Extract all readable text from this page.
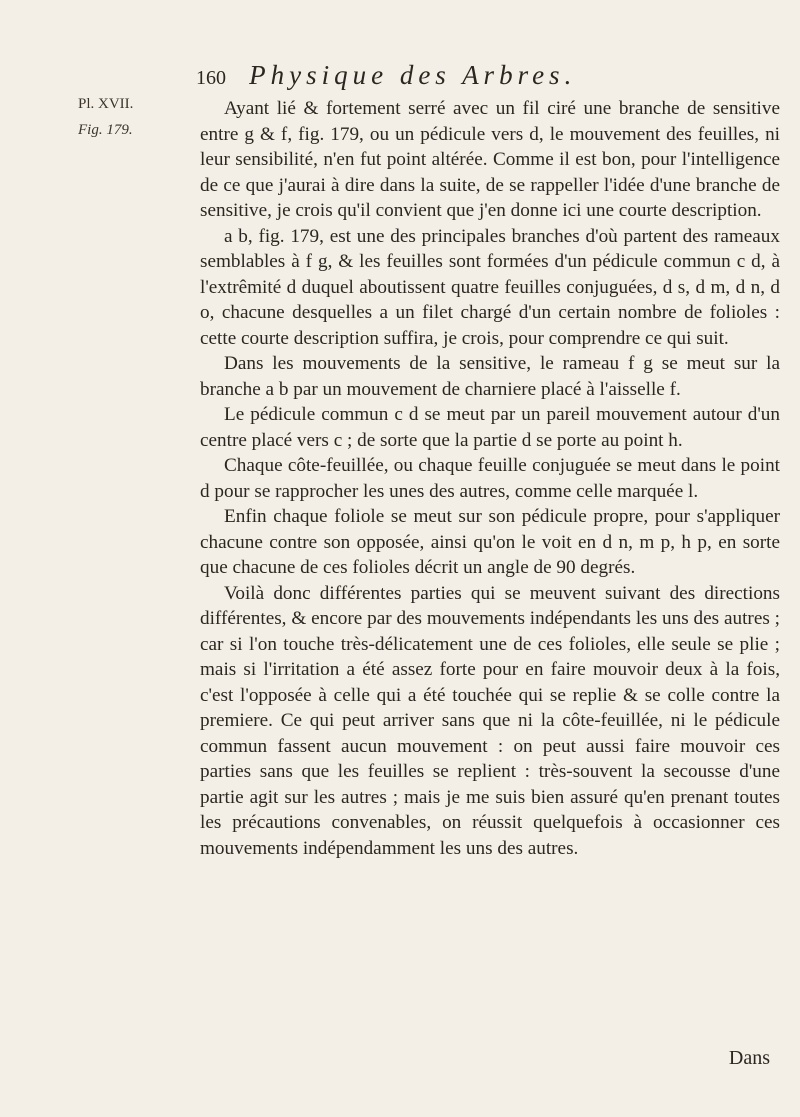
160 Physique des Arbres.
Pl. XVII.
Fig. 179.

Ayant lié & fortement serré avec un fil ciré une branche de sensitive entre g & f, fig. 179, ou un pédicule vers d, le mouvement des feuilles, ni leur sensibilité, n'en fut point altérée. Comme il est bon, pour l'intelligence de ce que j'aurai à dire dans la suite, de se rappeller l'idée d'une branche de sensitive, je crois qu'il convient que j'en donne ici une courte description.

a b, fig. 179, est une des principales branches d'où partent des rameaux semblables à f g, & les feuilles sont formées d'un pédicule commun c d, à l'extrêmité d duquel aboutissent quatre feuilles conjuguées, d s, d m, d n, d o, chacune desquelles a un filet chargé d'un certain nombre de folioles : cette courte description suffira, je crois, pour comprendre ce qui suit.

Dans les mouvements de la sensitive, le rameau f g se meut sur la branche a b par un mouvement de charniere placé à l'aisselle f.

Le pédicule commun c d se meut par un pareil mouvement autour d'un centre placé vers c ; de sorte que la partie d se porte au point h.

Chaque côte-feuillée, ou chaque feuille conjuguée se meut dans le point d pour se rapprocher les unes des autres, comme celle marquée l.

Enfin chaque foliole se meut sur son pédicule propre, pour s'appliquer chacune contre son opposée, ainsi qu'on le voit en d n, m p, h p, en sorte que chacune de ces folioles décrit un angle de 90 degrés.

Voilà donc différentes parties qui se meuvent suivant des directions différentes, & encore par des mouvements indépendants les uns des autres ; car si l'on touche très-délicatement une de ces folioles, elle seule se plie ; mais si l'irritation a été assez forte pour en faire mouvoir deux à la fois, c'est l'opposée à celle qui a été touchée qui se replie & se colle contre la premiere. Ce qui peut arriver sans que ni la côte-feuillée, ni le pédicule commun fassent aucun mouvement : on peut aussi faire mouvoir ces parties sans que les feuilles se replient : très-souvent la secousse d'une partie agit sur les autres ; mais je me suis bien assuré qu'en prenant toutes les précautions convenables, on réussit quelquefois à occasionner ces mouvements indépendamment les uns des autres.

Dans
